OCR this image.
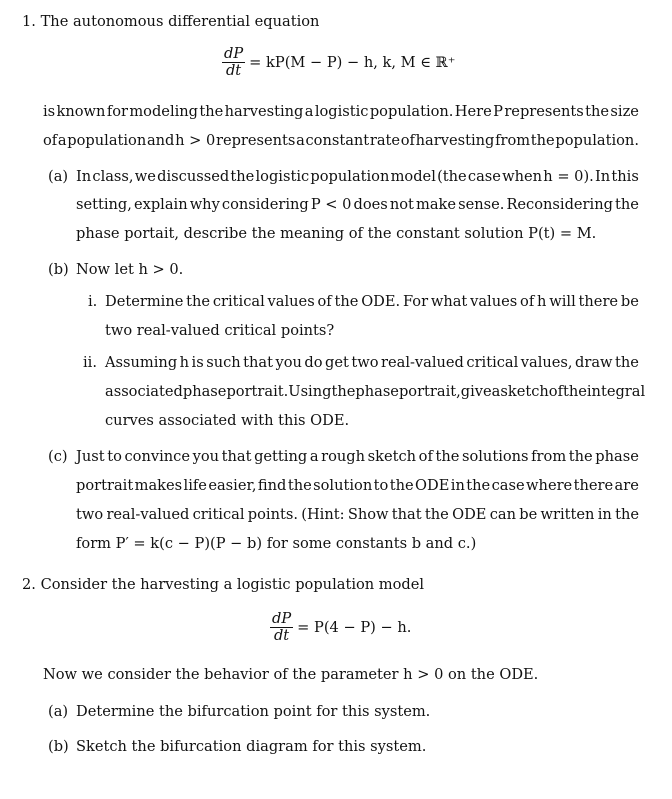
1. The autonomous differential equation
$\frac{dP}{dt} = kP(M - P) - h$, k, M ∈ ℝ⁺
is known for modeling the harvesting a logistic population. Here P represents the size
of a population and h > 0 represents a constant rate of harvesting from the population.
(a) In class, we discussed the logistic population model (the case when h = 0). In this
setting, explain why considering P < 0 does not make sense. Reconsidering the
phase portait, describe the meaning of the constant solution P(t) = M.
(b) Now let h > 0.
i. Determine the critical values of the ODE. For what values of h will there be
two real-valued critical points?
ii. Assuming h is such that you do get two real-valued critical values, draw the
associated phase portrait. Using the phase portrait, give a sketch of the integral
curves associated with this ODE.
(c) Just to convince you that getting a rough sketch of the solutions from the phase
portrait makes life easier, find the solution to the ODE in the case where there are
two real-valued critical points. (Hint: Show that the ODE can be written in the
form P′ = k(c − P)(P − b) for some constants b and c.)
2. Consider the harvesting a logistic population model
$\frac{dP}{dt} = P(4 - P) - h$.
Now we consider the behavior of the parameter h > 0 on the ODE.
(a) Determine the bifurcation point for this system.
(b) Sketch the bifurcation diagram for this system.
